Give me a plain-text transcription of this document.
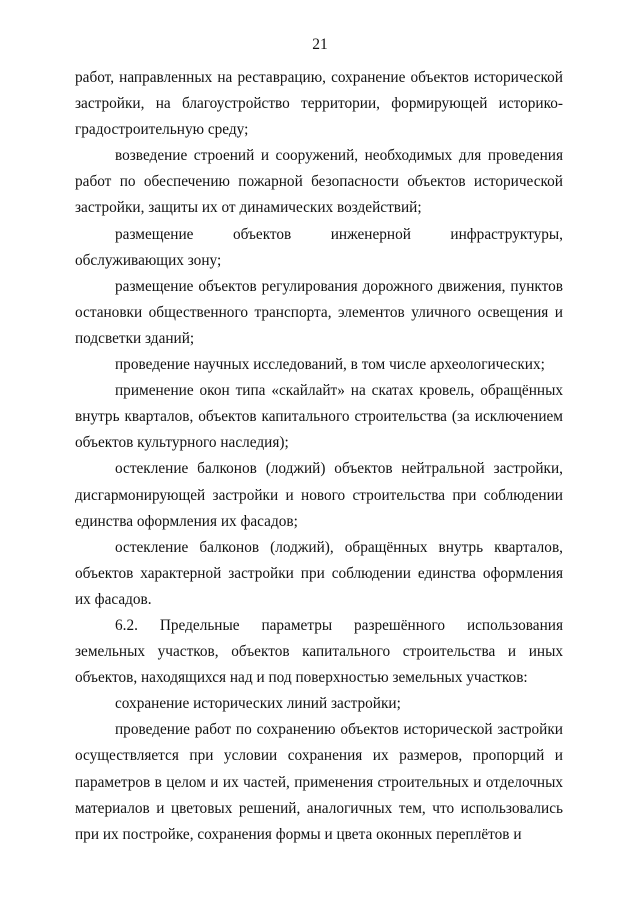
21

работ, направленных на реставрацию, сохранение объектов исторической застройки, на благоустройство территории, формирующей историко-градостроительную среду;

возведение строений и сооружений, необходимых для проведения работ по обеспечению пожарной безопасности объектов исторической застройки, защиты их от динамических воздействий;

размещение объектов инженерной инфраструктуры, обслуживающих зону;

размещение объектов регулирования дорожного движения, пунктов остановки общественного транспорта, элементов уличного освещения и подсветки зданий;

проведение научных исследований, в том числе археологических;

применение окон типа «скайлайт» на скатах кровель, обращённых внутрь кварталов, объектов капитального строительства (за исключением объектов культурного наследия);

остекление балконов (лоджий) объектов нейтральной застройки, дисгармонирующей застройки и нового строительства при соблюдении единства оформления их фасадов;

остекление балконов (лоджий), обращённых внутрь кварталов, объектов характерной застройки при соблюдении единства оформления их фасадов.

6.2. Предельные параметры разрешённого использования земельных участков, объектов капитального строительства и иных объектов, находящихся над и под поверхностью земельных участков:

сохранение исторических линий застройки;

проведение работ по сохранению объектов исторической застройки осуществляется при условии сохранения их размеров, пропорций и параметров в целом и их частей, применения строительных и отделочных материалов и цветовых решений, аналогичных тем, что использовались при их постройке, сохранения формы и цвета оконных переплётов и
